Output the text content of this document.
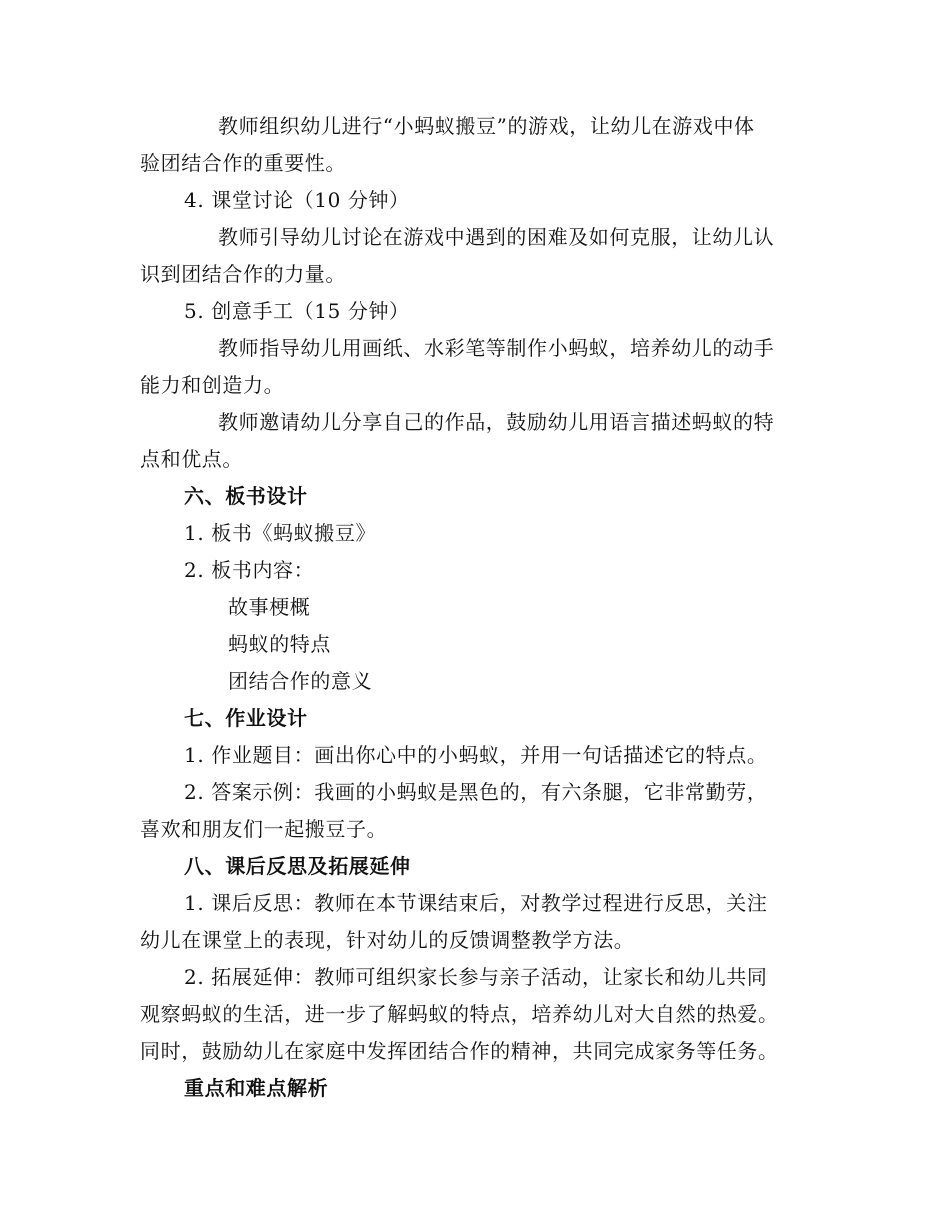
教师组织幼儿进行“小蚂蚁搬豆”的游戏，让幼儿在游戏中体
验团结合作的重要性。
4. 课堂讨论（10 分钟）
教师引导幼儿讨论在游戏中遇到的困难及如何克服，让幼儿认
识到团结合作的力量。
5. 创意手工（15 分钟）
教师指导幼儿用画纸、水彩笔等制作小蚂蚁，培养幼儿的动手
能力和创造力。
教师邀请幼儿分享自己的作品，鼓励幼儿用语言描述蚂蚁的特
点和优点。
六、板书设计
1. 板书《蚂蚁搬豆》
2. 板书内容：
故事梗概
蚂蚁的特点
团结合作的意义
七、作业设计
1. 作业题目：画出你心中的小蚂蚁，并用一句话描述它的特点。
2. 答案示例：我画的小蚂蚁是黑色的，有六条腿，它非常勤劳，
喜欢和朋友们一起搬豆子。
八、课后反思及拓展延伸
1. 课后反思：教师在本节课结束后，对教学过程进行反思，关注
幼儿在课堂上的表现，针对幼儿的反馈调整教学方法。
2. 拓展延伸：教师可组织家长参与亲子活动，让家长和幼儿共同
观察蚂蚁的生活，进一步了解蚂蚁的特点，培养幼儿对大自然的热爱。
同时，鼓励幼儿在家庭中发挥团结合作的精神，共同完成家务等任务。
重点和难点解析
